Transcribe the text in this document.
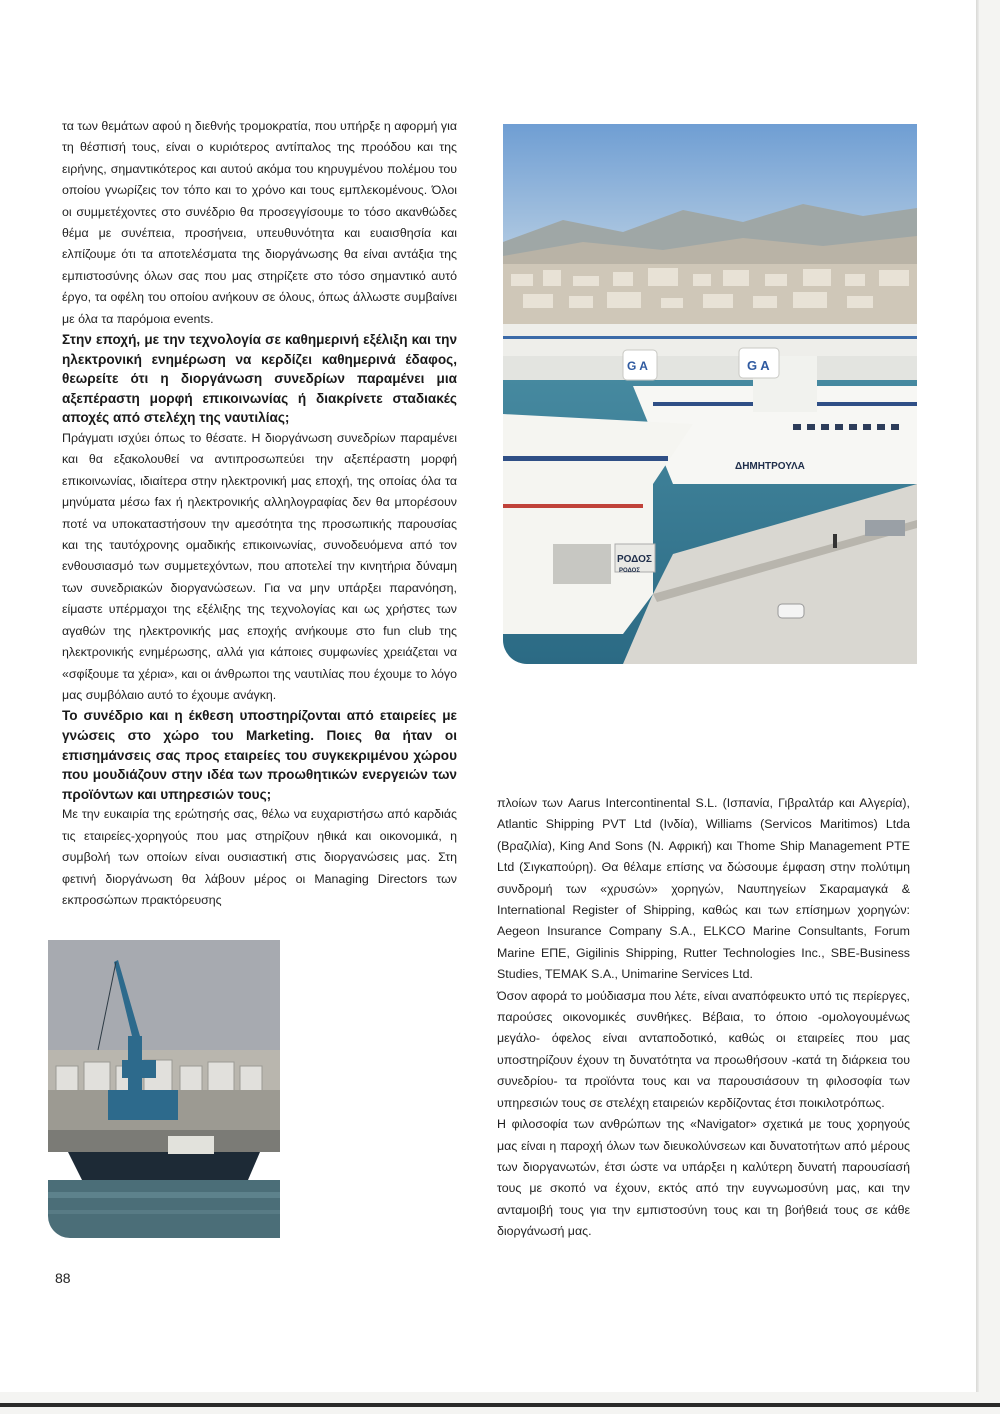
τα των θεμάτων αφού η διεθνής τρομοκρατία, που υπήρξε η αφορμή για τη θέσπισή τους, είναι ο κυριότερος αντίπαλος της προόδου και της ειρήνης, σημαντικότερος και αυτού ακόμα του κηρυγμένου πολέμου του οποίου γνωρίζεις τον τόπο και το χρόνο και τους εμπλεκομένους. Όλοι οι συμμετέχοντες στο συνέδριο θα προσεγγίσουμε το τόσο ακανθώδες θέμα με συνέπεια, προσήνεια, υπευθυνότητα και ευαισθησία και ελπίζουμε ότι τα αποτελέσματα της διοργάνωσης θα είναι αντάξια της εμπιστοσύνης όλων σας που μας στηρίζετε στο τόσο σημαντικό αυτό έργο, τα οφέλη του οποίου ανήκουν σε όλους, όπως άλλωστε συμβαίνει με όλα τα παρόμοια events.

Στην εποχή, με την τεχνολογία σε καθημερινή εξέλιξη και την ηλεκτρονική ενημέρωση να κερδίζει καθημερινά έδαφος, θεωρείτε ότι η διοργάνωση συνεδρίων παραμένει μια αξεπέραστη μορφή επικοινωνίας ή διακρίνετε σταδιακές αποχές από στελέχη της ναυτιλίας;

Πράγματι ισχύει όπως το θέσατε. Η διοργάνωση συνεδρίων παραμένει και θα εξακολουθεί να αντιπροσωπεύει την αξεπέραστη μορφή επικοινωνίας, ιδιαίτερα στην ηλεκτρονική μας εποχή, της οποίας όλα τα μηνύματα μέσω fax ή ηλεκτρονικής αλληλογραφίας δεν θα μπορέσουν ποτέ να υποκαταστήσουν την αμεσότητα της προσωπικής παρουσίας και της ταυτόχρονης ομαδικής επικοινωνίας, συνοδευόμενα από τον ενθουσιασμό των συμμετεχόντων, που αποτελεί την κινητήρια δύναμη των συνεδριακών διοργανώσεων. Για να μην υπάρξει παρανόηση, είμαστε υπέρμαχοι της εξέλιξης της τεχνολογίας και ως χρήστες των αγαθών της ηλεκτρονικής μας εποχής ανήκουμε στο fun club της ηλεκτρονικής ενημέρωσης, αλλά για κάποιες συμφωνίες χρειάζεται να «σφίξουμε τα χέρια», και οι άνθρωποι της ναυτιλίας που έχουμε το λόγο μας συμβόλαιο αυτό το έχουμε ανάγκη.

Το συνέδριο και η έκθεση υποστηρίζονται από εταιρείες με γνώσεις στο χώρο του Marketing. Ποιες θα ήταν οι επισημάνσεις σας προς εταιρείες του συγκεκριμένου χώρου που μουδιάζουν στην ιδέα των προωθητικών ενεργειών των προϊόντων και υπηρεσιών τους;

Με την ευκαιρία της ερώτησής σας, θέλω να ευχαριστήσω από καρδιάς τις εταιρείες-χορηγούς που μας στηρίζουν ηθικά και οικονομικά, η συμβολή των οποίων είναι ουσιαστική στις διοργανώσεις μας. Στη φετινή διοργάνωση θα λάβουν μέρος οι Managing Directors των εκπροσώπων πρακτόρευσης

G A
ΔΗΜΗΤΡΟΥΛΑ
G A
ΡΟΔΟΣ
ΡΟΔΟΣ

πλοίων των Aarus Intercontinental S.L. (Ισπανία, Γιβραλτάρ και Αλγερία), Atlantic Shipping PVT Ltd (Ινδία), Williams (Servicos Maritimos) Ltda (Βραζιλία), King And Sons (N. Αφρική) και Thome Ship Management PTE Ltd (Σιγκαπούρη). Θα θέλαμε επίσης να δώσουμε έμφαση στην πολύτιμη συνδρομή των «χρυσών» χορηγών, Ναυπηγείων Σκαραμαγκά & International Register of Shipping, καθώς και των επίσημων χορηγών: Aegeon Insurance Company S.A., ELKCO Marine Consultants, Forum Marine ΕΠΕ, Gigilinis Shipping, Rutter Technologies Inc., SBE-Business Studies, TEMAK S.A., Unimarine Services Ltd.

Όσον αφορά το μούδιασμα που λέτε, είναι αναπόφευκτο υπό τις περίεργες, παρούσες οικονομικές συνθήκες. Βέβαια, το όποιο -ομολογουμένως μεγάλο- όφελος είναι ανταποδοτικό, καθώς οι εταιρείες που μας υποστηρίζουν έχουν τη δυνατότητα να προωθήσουν -κατά τη διάρκεια του συνεδρίου- τα προϊόντα τους και να παρουσιάσουν τη φιλοσοφία των υπηρεσιών τους σε στελέχη εταιρειών κερδίζοντας έτσι ποικιλοτρόπως.

Η φιλοσοφία των ανθρώπων της «Navigator» σχετικά με τους χορηγούς μας είναι η παροχή όλων των διευκολύνσεων και δυνατοτήτων από μέρους των διοργανωτών, έτσι ώστε να υπάρξει η καλύτερη δυνατή παρουσίασή τους με σκοπό να έχουν, εκτός από την ευγνωμοσύνη μας, και την ανταμοιβή τους για την εμπιστοσύνη τους και τη βοήθειά τους σε κάθε διοργάνωσή μας.

88
